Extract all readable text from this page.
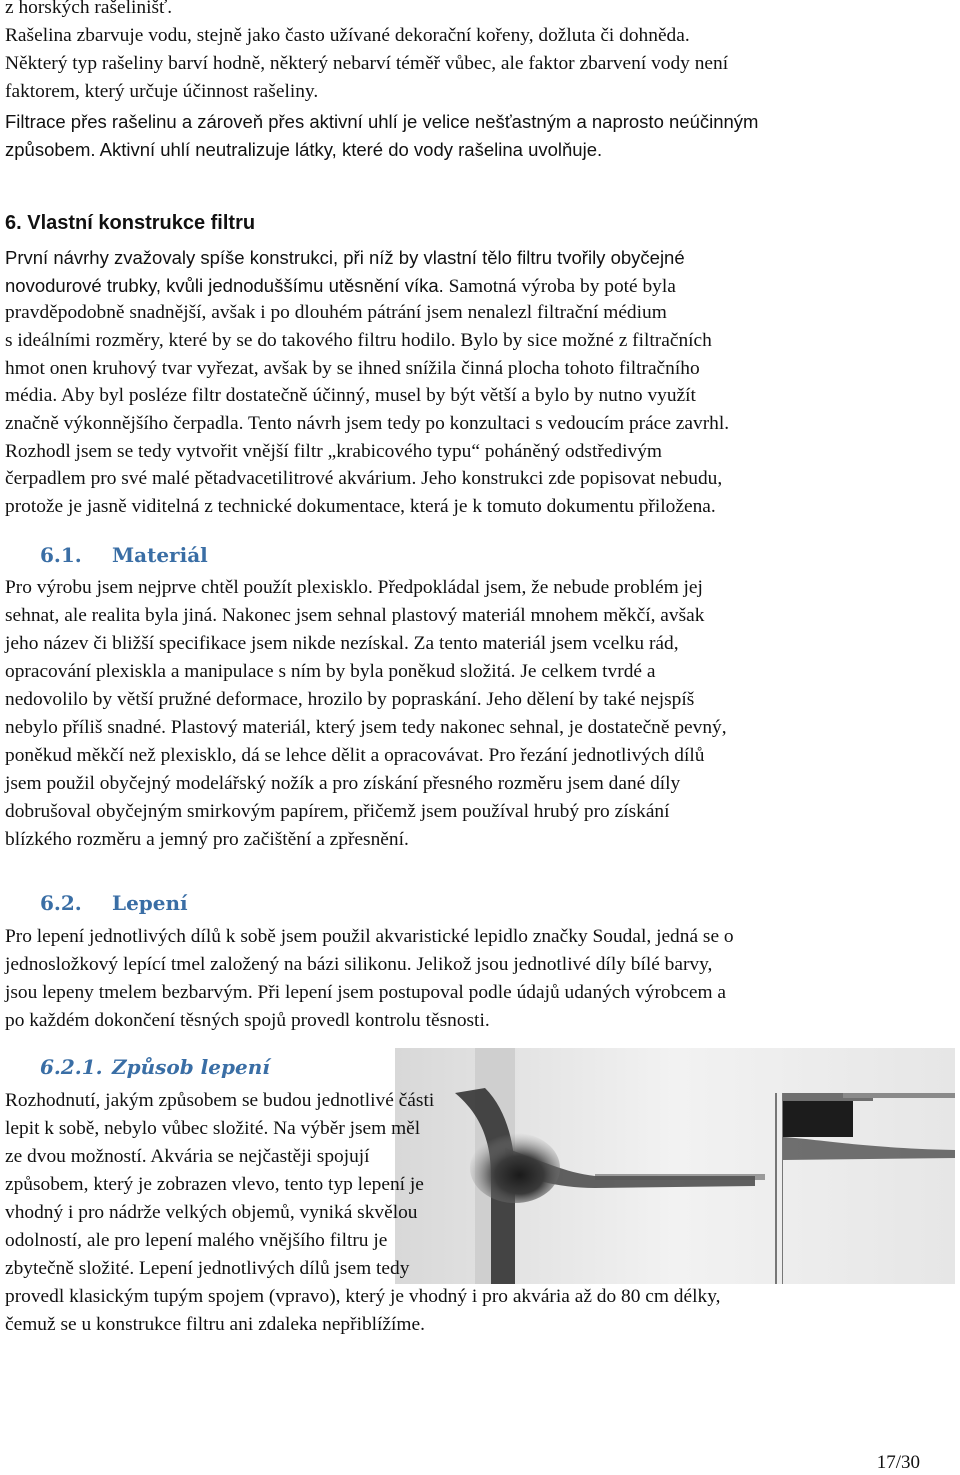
z horských rašelinišť.
Rašelina zbarvuje vodu, stejně jako často užívané dekorační kořeny, dožluta či dohněda.
Některý typ rašeliny barví hodně, některý nebarví téměř vůbec, ale faktor zbarvení vody není
faktorem, který určuje účinnost rašeliny.
Filtrace přes rašelinu a zároveň přes aktivní uhlí je velice nešťastným a naprosto neúčinným
způsobem. Aktivní uhlí neutralizuje látky, které do vody rašelina uvolňuje.
6. Vlastní konstrukce filtru
První návrhy zvažovaly spíše konstrukci, při níž by vlastní tělo filtru tvořily obyčejné
novodurové trubky, kvůli jednoduššímu utěsnění víka. Samotná výroba by poté byla
pravděpodobně snadnější, avšak i po dlouhém pátrání jsem nenalezl filtrační médium
s ideálními rozměry, které by se do takového filtru hodilo. Bylo by sice možné z filtračních
hmot onen kruhový tvar vyřezat, avšak by se ihned snížila činná plocha tohoto filtračního
média. Aby byl posléze filtr dostatečně účinný, musel by být větší a bylo by nutno využít
značně výkonnějšího čerpadla. Tento návrh jsem tedy po konzultaci s vedoucím práce zavrhl.
Rozhodl jsem se tedy vytvořit vnější filtr „krabicového typu“ poháněný odstředivým
čerpadlem pro své malé pětadvacetilitrové akvárium. Jeho konstrukci zde popisovat nebudu,
protože je jasně viditelná z technické dokumentace, která je k tomuto dokumentu přiložena.
6.1. Materiál
Pro výrobu jsem nejprve chtěl použít plexisklo. Předpokládal jsem, že nebude problém jej
sehnat, ale realita byla jiná. Nakonec jsem sehnal plastový materiál mnohem měkčí, avšak
jeho název či bližší specifikace jsem nikde nezískal. Za tento materiál jsem vcelku rád,
opracování plexiskla a manipulace s ním by byla poněkud složitá. Je celkem tvrdé a
nedovolilo by větší pružné deformace, hrozilo by popraskání. Jeho dělení by také nejspíš
nebylo příliš snadné. Plastový materiál, který jsem tedy nakonec sehnal, je dostatečně pevný,
poněkud měkčí než plexisklo, dá se lehce dělit a opracovávat. Pro řezání jednotlivých dílů
jsem použil obyčejný modelářský nožík a pro získání přesného rozměru jsem dané díly
dobrušoval obyčejným smirkovým papírem, přičemž jsem používal hrubý pro získání
blízkého rozměru a jemný pro začištění a zpřesnění.
6.2. Lepení
Pro lepení jednotlivých dílů k sobě jsem použil akvaristické lepidlo značky Soudal, jedná se o
jednosložkový lepící tmel založený na bázi silikonu. Jelikož jsou jednotlivé díly bílé barvy,
jsou lepeny tmelem bezbarvým. Při lepení jsem postupoval podle údajů udaných výrobcem a
po každém dokončení těsných spojů provedl kontrolu těsnosti.
6.2.1. Způsob lepení
Rozhodnutí, jakým způsobem se budou jednotlivé části
lepit k sobě, nebylo vůbec složité. Na výběr jsem měl
ze dvou možností. Akvária se nejčastěji spojují
způsobem, který je zobrazen vlevo, tento typ lepení je
vhodný i pro nádrže velkých objemů, vyniká skvělou
odolností, ale pro lepení malého vnějšího filtru je
zbytečně složité. Lepení jednotlivých dílů jsem tedy
provedl klasickým tupým spojem (vpravo), který je vhodný i pro akvária až do 80 cm délky,
čemuž se u konstrukce filtru ani zdaleka nepřiblížíme.
17/30
